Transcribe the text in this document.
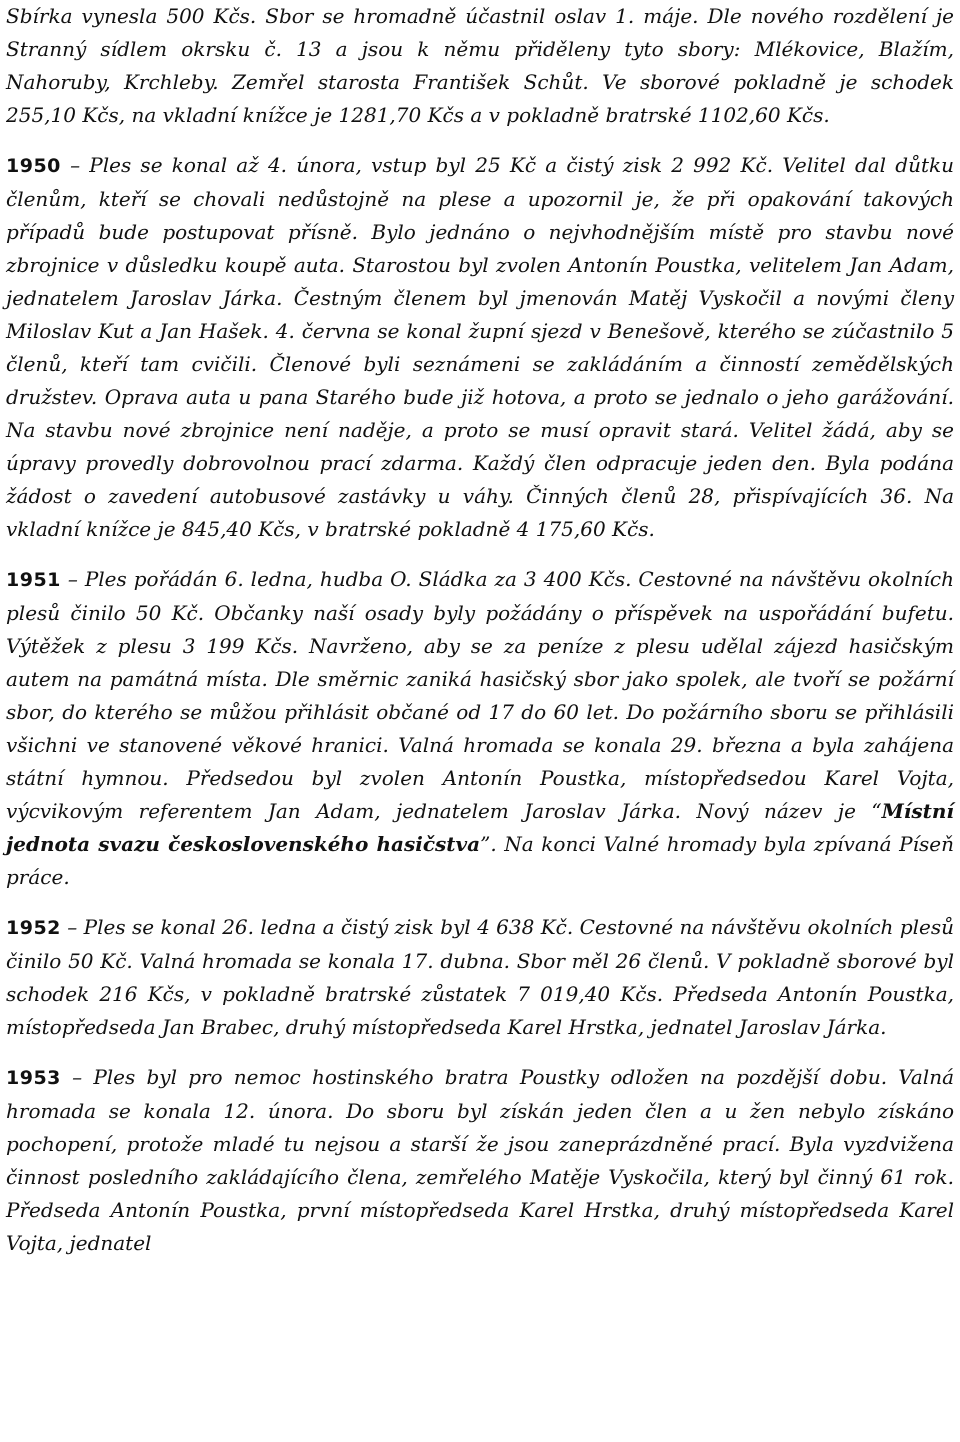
Sbírka vynesla 500 Kčs. Sbor se hromadně účastnil oslav 1. máje. Dle nového rozdělení je Stranný sídlem okrsku č. 13 a jsou k němu přiděleny tyto sbory: Mlékovice, Blažím, Nahoruby, Krchleby. Zemřel starosta František Schůt. Ve sborové pokladně je schodek 255,10 Kčs, na vkladní knížce je 1281,70 Kčs a v pokladně bratrské 1102,60 Kčs.

1950 – Ples se konal až 4. února, vstup byl 25 Kč a čistý zisk 2 992 Kč. Velitel dal důtku členům, kteří se chovali nedůstojně na plese a upozornil je, že při opakování takových případů bude postupovat přísně. Bylo jednáno o nejvhodnějším místě pro stavbu nové zbrojnice v důsledku koupě auta. Starostou byl zvolen Antonín Poustka, velitelem Jan Adam, jednatelem Jaroslav Járka. Čestným členem byl jmenován Matěj Vyskočil a novými členy Miloslav Kut a Jan Hašek. 4. června se konal župní sjezd v Benešově, kterého se zúčastnilo 5 členů, kteří tam cvičili. Členové byli seznámeni se zakládáním a činností zemědělských družstev. Oprava auta u pana Starého bude již hotova, a proto se jednalo o jeho garážování. Na stavbu nové zbrojnice není naděje, a proto se musí opravit stará. Velitel žádá, aby se úpravy provedly dobrovolnou prací zdarma. Každý člen odpracuje jeden den. Byla podána žádost o zavedení autobusové zastávky u váhy. Činných členů 28, přispívajících 36. Na vkladní knížce je 845,40 Kčs, v bratrské pokladně 4 175,60 Kčs.

1951 – Ples pořádán 6. ledna, hudba O. Sládka za 3 400 Kčs. Cestovné na návštěvu okolních plesů činilo 50 Kč. Občanky naší osady byly požádány o příspěvek na uspořádání bufetu. Výtěžek z plesu 3 199 Kčs. Navrženo, aby se za peníze z plesu udělal zájezd hasičským autem na památná místa. Dle směrnic zaniká hasičský sbor jako spolek, ale tvoří se požární sbor, do kterého se můžou přihlásit občané od 17 do 60 let. Do požárního sboru se přihlásili všichni ve stanovené věkové hranici. Valná hromada se konala 29. března a byla zahájena státní hymnou. Předsedou byl zvolen Antonín Poustka, místopředsedou Karel Vojta, výcvikovým referentem Jan Adam, jednatelem Jaroslav Járka. Nový název je “Místní jednota svazu československého hasičstva”. Na konci Valné hromady byla zpívaná Píseň práce.

1952 – Ples se konal 26. ledna a čistý zisk byl 4 638 Kč. Cestovné na návštěvu okolních plesů činilo 50 Kč. Valná hromada se konala 17. dubna. Sbor měl 26 členů. V pokladně sborové byl schodek 216 Kčs, v pokladně bratrské zůstatek 7 019,40 Kčs. Předseda Antonín Poustka, místopředseda Jan Brabec, druhý místopředseda Karel Hrstka, jednatel Jaroslav Járka.

1953 – Ples byl pro nemoc hostinského bratra Poustky odložen na pozdější dobu. Valná hromada se konala 12. února. Do sboru byl získán jeden člen a u žen nebylo získáno pochopení, protože mladé tu nejsou a starší že jsou zaneprázdněné prací. Byla vyzdvižena činnost posledního zakládajícího člena, zemřelého Matěje Vyskočila, který byl činný 61 rok. Předseda Antonín Poustka, první místopředseda Karel Hrstka, druhý místopředseda Karel Vojta, jednatel
